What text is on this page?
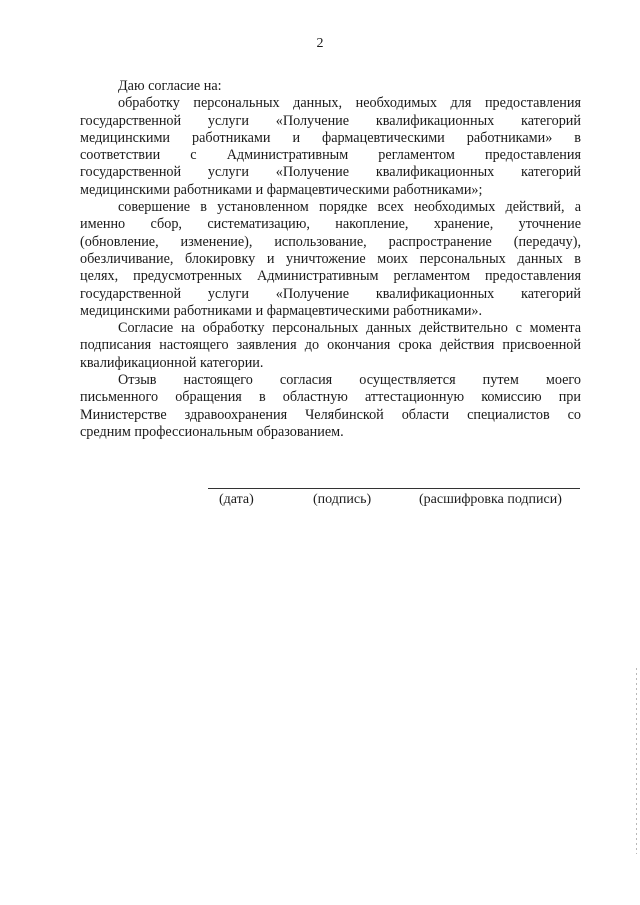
2
Даю согласие на:
обработку персональных данных, необходимых для предоставления
государственной услуги «Получение квалификационных категорий
медицинскими работниками и фармацевтическими работниками» в
соответствии с Административным регламентом предоставления
государственной услуги «Получение квалификационных категорий
медицинскими работниками и фармацевтическими работниками»;
совершение в установленном порядке всех необходимых действий, а
именно сбор, систематизацию, накопление, хранение, уточнение
(обновление, изменение), использование, распространение (передачу),
обезличивание, блокировку и уничтожение моих персональных данных в
целях, предусмотренных Административным регламентом предоставления
государственной услуги «Получение квалификационных категорий
медицинскими работниками и фармацевтическими работниками».
Согласие на обработку персональных данных действительно с момента
подписания настоящего заявления до окончания срока действия присвоенной
квалификационной категории.
Отзыв настоящего согласия осуществляется путем моего
письменного обращения в областную аттестационную комиссию при
Министерстве здравоохранения Челябинской области специалистов со
средним профессиональным образованием.
(дата)	(подпись)	(расшифровка подписи)
